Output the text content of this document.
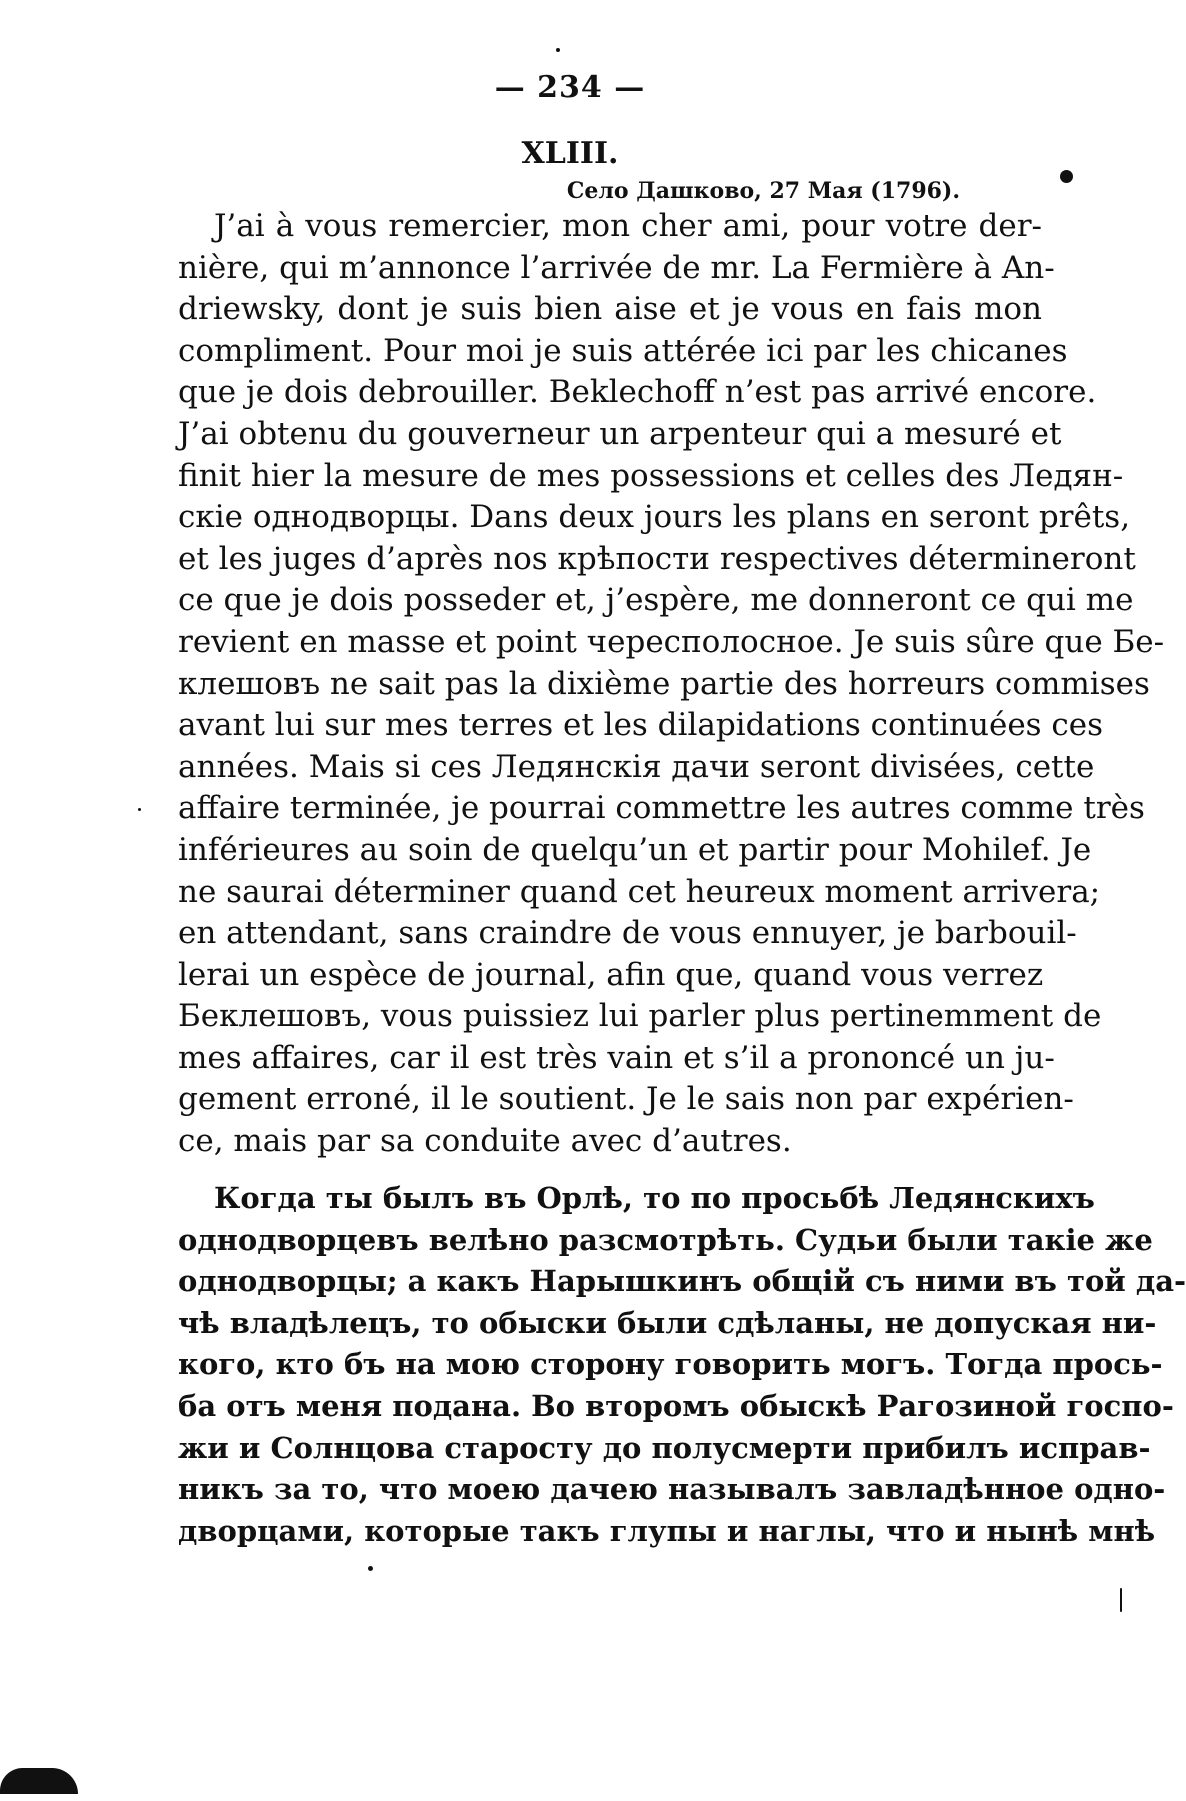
— 234 —
XLIII.
Село Дашково, 27 Мая (1796).
J’ai à vous remercier, mon cher ami, pour votre der-
nière, qui m’annonce l’arrivée de mr. La Fermière à An-
driewsky, dont je suis bien aise et je vous en fais mon
compliment. Pour moi je suis attérée ici par les chicanes
que je dois debrouiller. Beklechoff n’est pas arrivé encore.
J’ai obtenu du gouverneur un arpenteur qui a mesuré et
finit hier la mesure de mes possessions et celles des Ледян-
скіе однодворцы. Dans deux jours les plans en seront prêts,
et les juges d’après nos крѣпости respectives détermineront
ce que je dois posseder et, j’espère, me donneront ce qui me
revient en masse et point чересполосное. Je suis sûre que Бе-
клешовъ ne sait pas la dixième partie des horreurs commises
avant lui sur mes terres et les dilapidations continuées ces
années. Mais si ces Ледянскія дачи seront divisées, cette
affaire terminée, je pourrai commettre les autres comme très
inférieures au soin de quelqu’un et partir pour Mohilef. Je
ne saurai déterminer quand cet heureux moment arrivera;
en attendant, sans craindre de vous ennuyer, je barbouil-
lerai un espèce de journal, afin que, quand vous verrez
Беклешовъ, vous puissiez lui parler plus pertinemment de
mes affaires, car il est très vain et s’il a prononcé un ju-
gement erroné, il le soutient. Je le sais non par expérien-
ce, mais par sa conduite avec d’autres.
Когда ты былъ въ Орлѣ, то по просьбѣ Ледянскихъ
однодворцевъ велѣно разсмотрѣть. Судьи были такіе же
однодворцы; а какъ Нарышкинъ общій съ ними въ той да-
чѣ владѣлецъ, то обыски были сдѣланы, не допуская ни-
кого, кто бъ на мою сторону говорить могъ. Тогда прось-
ба отъ меня подана. Во второмъ обыскѣ Рагозиной госпо-
жи и Солнцова старосту до полусмерти прибилъ исправ-
никъ за то, что моею дачею называлъ завладѣнное одно-
дворцами, которые такъ глупы и наглы, что и нынѣ мнѣ
